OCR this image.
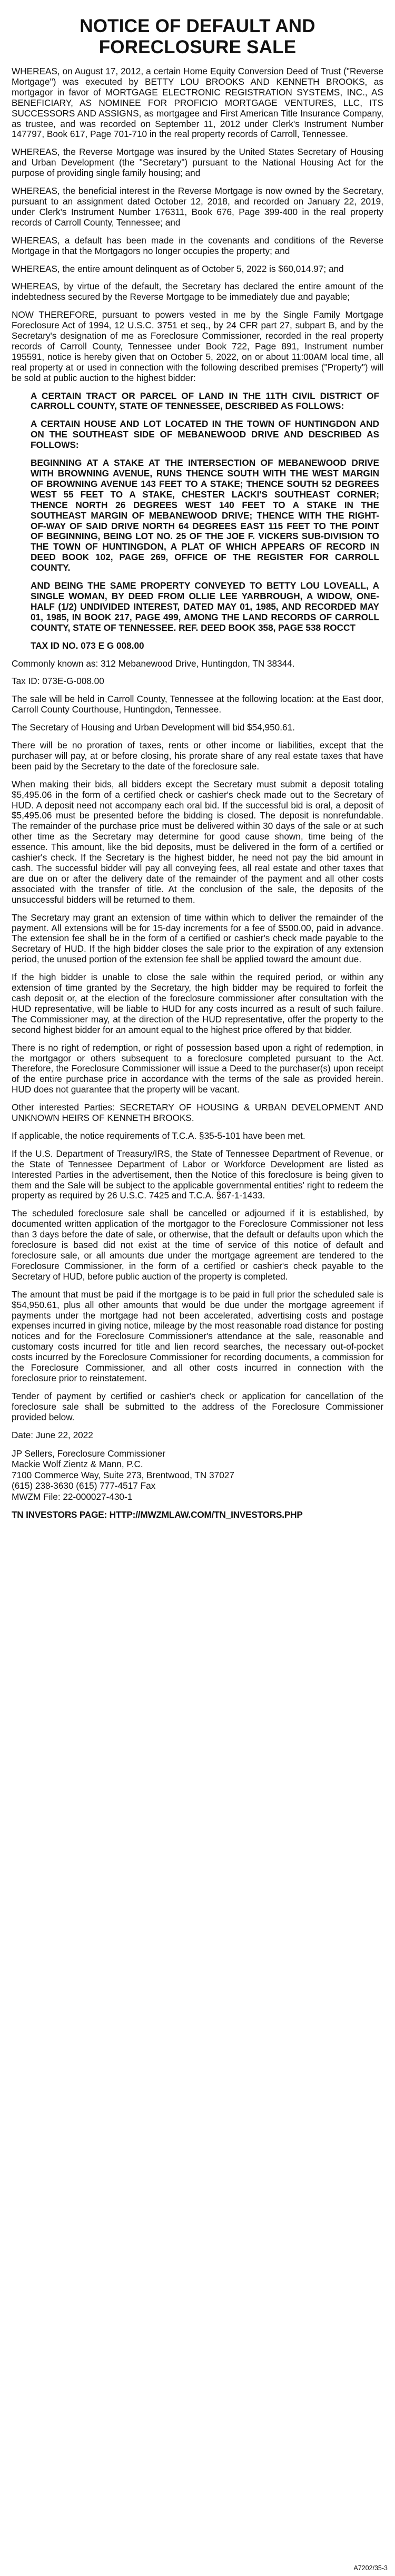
NOTICE OF DEFAULT AND
FORECLOSURE SALE

WHEREAS, on August 17, 2012, a certain Home Equity Conversion Deed of Trust ("Reverse Mortgage") was executed by BETTY LOU BROOKS AND KENNETH BROOKS, as mortgagor in favor of MORTGAGE ELECTRONIC REGISTRATION SYSTEMS, INC., AS BENEFICIARY, AS NOMINEE FOR PROFICIO MORTGAGE VENTURES, LLC, ITS SUCCESSORS AND ASSIGNS, as mortgagee and First American Title Insurance Company, as trustee, and was recorded on September 11, 2012 under Clerk's Instrument Number 147797, Book 617, Page 701-710 in the real property records of Carroll, Tennessee.

WHEREAS, the Reverse Mortgage was insured by the United States Secretary of Housing and Urban Development (the "Secretary") pursuant to the National Housing Act for the purpose of providing single family housing; and

WHEREAS, the beneficial interest in the Reverse Mortgage is now owned by the Secretary, pursuant to an assignment dated October 12, 2018, and recorded on January 22, 2019, under Clerk's Instrument Number 176311, Book 676, Page 399-400 in the real property records of Carroll County, Tennessee; and

WHEREAS, a default has been made in the covenants and conditions of the Reverse Mortgage in that the Mortgagors no longer occupies the property; and

WHEREAS, the entire amount delinquent as of October 5, 2022 is $60,014.97; and

WHEREAS, by virtue of the default, the Secretary has declared the entire amount of the indebtedness secured by the Reverse Mortgage to be immediately due and payable;

NOW THEREFORE, pursuant to powers vested in me by the Single Family Mortgage Foreclosure Act of 1994, 12 U.S.C. 3751 et seq., by 24 CFR part 27, subpart B, and by the Secretary's designation of me as Foreclosure Commissioner, recorded in the real property records of Carroll County, Tennessee under Book 722, Page 891, Instrument number 195591, notice is hereby given that on October 5, 2022, on or about 11:00AM local time, all real property at or used in connection with the following described premises ("Property") will be sold at public auction to the highest bidder:

A CERTAIN TRACT OR PARCEL OF LAND IN THE 11TH CIVIL DISTRICT OF CARROLL COUNTY, STATE OF TENNESSEE, DESCRIBED AS FOLLOWS:

A CERTAIN HOUSE AND LOT LOCATED IN THE TOWN OF HUNTINGDON AND ON THE SOUTHEAST SIDE OF MEBANEWOOD DRIVE AND DESCRIBED AS FOLLOWS:

BEGINNING AT A STAKE AT THE INTERSECTION OF MEBANEWOOD DRIVE WITH BROWNING AVENUE, RUNS THENCE SOUTH WITH THE WEST MARGIN OF BROWNING AVENUE 143 FEET TO A STAKE; THENCE SOUTH 52 DEGREES WEST 55 FEET TO A STAKE, CHESTER LACKI'S SOUTHEAST CORNER; THENCE NORTH 26 DEGREES WEST 140 FEET TO A STAKE IN THE SOUTHEAST MARGIN OF MEBANEWOOD DRIVE; THENCE WITH THE RIGHT-OF-WAY OF SAID DRIVE NORTH 64 DEGREES EAST 115 FEET TO THE POINT OF BEGINNING, BEING LOT NO. 25 OF THE JOE F. VICKERS SUB-DIVISION TO THE TOWN OF HUNTINGDON, A PLAT OF WHICH APPEARS OF RECORD IN DEED BOOK 102, PAGE 269, OFFICE OF THE REGISTER FOR CARROLL COUNTY.

AND BEING THE SAME PROPERTY CONVEYED TO BETTY LOU LOVEALL, A SINGLE WOMAN, BY DEED FROM OLLIE LEE YARBROUGH, A WIDOW, ONE-HALF (1/2) UNDIVIDED INTEREST, DATED MAY 01, 1985, AND RECORDED MAY 01, 1985, IN BOOK 217, PAGE 499, AMONG THE LAND RECORDS OF CARROLL COUNTY, STATE OF TENNESSEE. REF. DEED BOOK 358, PAGE 538 ROCCT

TAX ID NO. 073 E G 008.00

Commonly known as: 312 Mebanewood Drive, Huntingdon, TN 38344.

Tax ID: 073E-G-008.00

The sale will be held in Carroll County, Tennessee at the following location: at the East door, Carroll County Courthouse, Huntingdon, Tennessee.

The Secretary of Housing and Urban Development will bid $54,950.61.

There will be no proration of taxes, rents or other income or liabilities, except that the purchaser will pay, at or before closing, his prorate share of any real estate taxes that have been paid by the Secretary to the date of the foreclosure sale.

When making their bids, all bidders except the Secretary must submit a deposit totaling $5,495.06 in the form of a certified check or cashier's check made out to the Secretary of HUD. A deposit need not accompany each oral bid. If the successful bid is oral, a deposit of $5,495.06 must be presented before the bidding is closed. The deposit is nonrefundable. The remainder of the purchase price must be delivered within 30 days of the sale or at such other time as the Secretary may determine for good cause shown, time being of the essence. This amount, like the bid deposits, must be delivered in the form of a certified or cashier's check. If the Secretary is the highest bidder, he need not pay the bid amount in cash. The successful bidder will pay all conveying fees, all real estate and other taxes that are due on or after the delivery date of the remainder of the payment and all other costs associated with the transfer of title. At the conclusion of the sale, the deposits of the unsuccessful bidders will be returned to them.

The Secretary may grant an extension of time within which to deliver the remainder of the payment. All extensions will be for 15-day increments for a fee of $500.00, paid in advance. The extension fee shall be in the form of a certified or cashier's check made payable to the Secretary of HUD. If the high bidder closes the sale prior to the expiration of any extension period, the unused portion of the extension fee shall be applied toward the amount due.

If the high bidder is unable to close the sale within the required period, or within any extension of time granted by the Secretary, the high bidder may be required to forfeit the cash deposit or, at the election of the foreclosure commissioner after consultation with the HUD representative, will be liable to HUD for any costs incurred as a result of such failure. The Commissioner may, at the direction of the HUD representative, offer the property to the second highest bidder for an amount equal to the highest price offered by that bidder.

There is no right of redemption, or right of possession based upon a right of redemption, in the mortgagor or others subsequent to a foreclosure completed pursuant to the Act. Therefore, the Foreclosure Commissioner will issue a Deed to the purchaser(s) upon receipt of the entire purchase price in accordance with the terms of the sale as provided herein. HUD does not guarantee that the property will be vacant.

Other interested Parties: SECRETARY OF HOUSING & URBAN DEVELOPMENT AND UNKNOWN HEIRS OF KENNETH BROOKS.

If applicable, the notice requirements of T.C.A. §35-5-101 have been met.

If the U.S. Department of Treasury/IRS, the State of Tennessee Department of Revenue, or the State of Tennessee Department of Labor or Workforce Development are listed as Interested Parties in the advertisement, then the Notice of this foreclosure is being given to them and the Sale will be subject to the applicable governmental entities' right to redeem the property as required by 26 U.S.C. 7425 and T.C.A. §67-1-1433.

The scheduled foreclosure sale shall be cancelled or adjourned if it is established, by documented written application of the mortgagor to the Foreclosure Commissioner not less than 3 days before the date of sale, or otherwise, that the default or defaults upon which the foreclosure is based did not exist at the time of service of this notice of default and foreclosure sale, or all amounts due under the mortgage agreement are tendered to the Foreclosure Commissioner, in the form of a certified or cashier's check payable to the Secretary of HUD, before public auction of the property is completed.

The amount that must be paid if the mortgage is to be paid in full prior the scheduled sale is $54,950.61, plus all other amounts that would be due under the mortgage agreement if payments under the mortgage had not been accelerated, advertising costs and postage expenses incurred in giving notice, mileage by the most reasonable road distance for posting notices and for the Foreclosure Commissioner's attendance at the sale, reasonable and customary costs incurred for title and lien record searches, the necessary out-of-pocket costs incurred by the Foreclosure Commissioner for recording documents, a commission for the Foreclosure Commissioner, and all other costs incurred in connection with the foreclosure prior to reinstatement.

Tender of payment by certified or cashier's check or application for cancellation of the foreclosure sale shall be submitted to the address of the Foreclosure Commissioner provided below.

Date: June 22, 2022

JP Sellers, Foreclosure Commissioner
Mackie Wolf Zientz & Mann, P.C.
7100 Commerce Way, Suite 273, Brentwood, TN 37027
(615) 238-3630 (615) 777-4517 Fax
MWZM File: 22-000027-430-1
TN INVESTORS PAGE: HTTP://MWZMLAW.COM/TN_INVESTORS.PHP
A7202/35-3
